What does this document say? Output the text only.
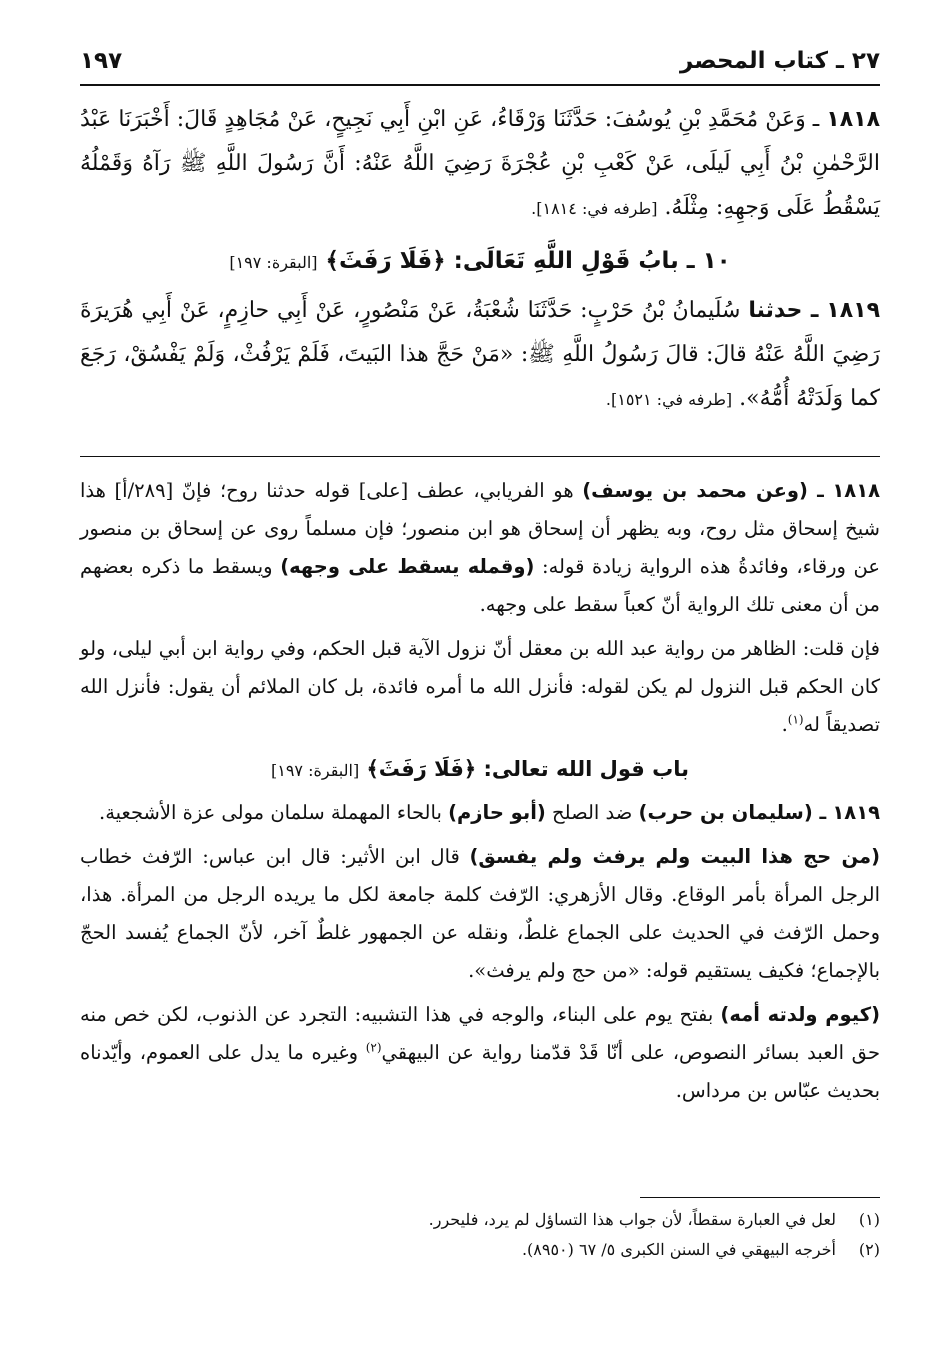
٢٧ ـ كتاب المحصر
١٩٧

١٨١٨ ـ وَعَنْ مُحَمَّدِ بْنِ يُوسُفَ: حَدَّثَنَا وَرْقَاءُ، عَنِ ابْنِ أَبِي نَجِيحٍ، عَنْ مُجَاهِدٍ قَالَ: أَخْبَرَنَا عَبْدُ الرَّحْمٰنِ بْنُ أَبِي لَيلَى، عَنْ كَعْبِ بْنِ عُجْرَةَ رَضِيَ اللَّهُ عَنْهُ: أَنَّ رَسُولَ اللَّهِ ﷺ رَآهُ وَقَمْلُهُ يَسْقُطُ عَلَى وَجهِهِ: مِثْلَهُ. [طرفه في: ١٨١٤].

١٠ ـ بابُ قَوْلِ اللَّهِ تَعَالَى: ﴿فَلَا رَفَثَ﴾ [البقرة: ١٩٧]

١٨١٩ ـ حدثنا سُلَيمانُ بْنُ حَرْبٍ: حَدَّثَنَا شُعْبَةُ، عَنْ مَنْصُورٍ، عَنْ أَبِي حازِمٍ، عَنْ أَبِي هُرَيرَةَ رَضِيَ اللَّهُ عَنْهُ قالَ: قالَ رَسُولُ اللَّهِ ﷺ: «مَنْ حَجَّ هذا البَيتَ، فَلَمْ يَرْفُثْ، وَلَمْ يَفْسُقْ، رَجَعَ كما وَلَدَتْهُ أُمُّهُ». [طرفه في: ١٥٢١].

١٨١٨ ـ (وعن محمد بن يوسف) هو الفريابي، عطف [على] قوله حدثنا روح؛ فإنّ [٢٨٩/أ] هذا شيخ إسحاق مثل روح، وبه يظهر أن إسحاق هو ابن منصور؛ فإن مسلماً روى عن إسحاق بن منصور عن ورقاء، وفائدةُ هذه الرواية زيادة قوله: (وقمله يسقط على وجهه) ويسقط ما ذكره بعضهم من أن معنى تلك الرواية أنّ كعباً سقط على وجهه.

فإن قلت: الظاهر من رواية عبد الله بن معقل أنّ نزول الآية قبل الحكم، وفي رواية ابن أبي ليلى، ولو كان الحكم قبل النزول لم يكن لقوله: فأنزل الله ما أمره فائدة، بل كان الملائم أن يقول: فأنزل الله تصديقاً له$^{(١)}$.

باب قول الله تعالى: ﴿فَلَا رَفَثَ﴾ [البقرة: ١٩٧]

١٨١٩ ـ (سليمان بن حرب) ضد الصلح (أبو حازم) بالحاء المهملة سلمان مولى عزة الأشجعية.

(من حج هذا البيت ولم يرفث ولم يفسق) قال ابن الأثير: قال ابن عباس: الرّفث خطاب الرجل المرأة بأمر الوقاع. وقال الأزهري: الرّفث كلمة جامعة لكل ما يريده الرجل من المرأة. هذا، وحمل الرّفث في الحديث على الجماع غلطٌ، ونقله عن الجمهور غلطٌ آخر، لأنّ الجماع يُفسد الحجّ بالإجماع؛ فكيف يستقيم قوله: «من حج ولم يرفث».

(كيوم ولدته أمه) بفتح يوم على البناء، والوجه في هذا التشبيه: التجرد عن الذنوب، لكن خص منه حق العبد بسائر النصوص، على أنّا قَدْ قدّمنا رواية عن البيهقي$^{(٢)}$ وغيره ما يدل على العموم، وأيّدناه بحديث عبّاس بن مرداس.

(١)
لعل في العبارة سقطاً، لأن جواب هذا التساؤل لم يرد، فليحرر.
(٢)
أخرجه البيهقي في السنن الكبرى ٥/ ٦٧ (٨٩٥٠).
